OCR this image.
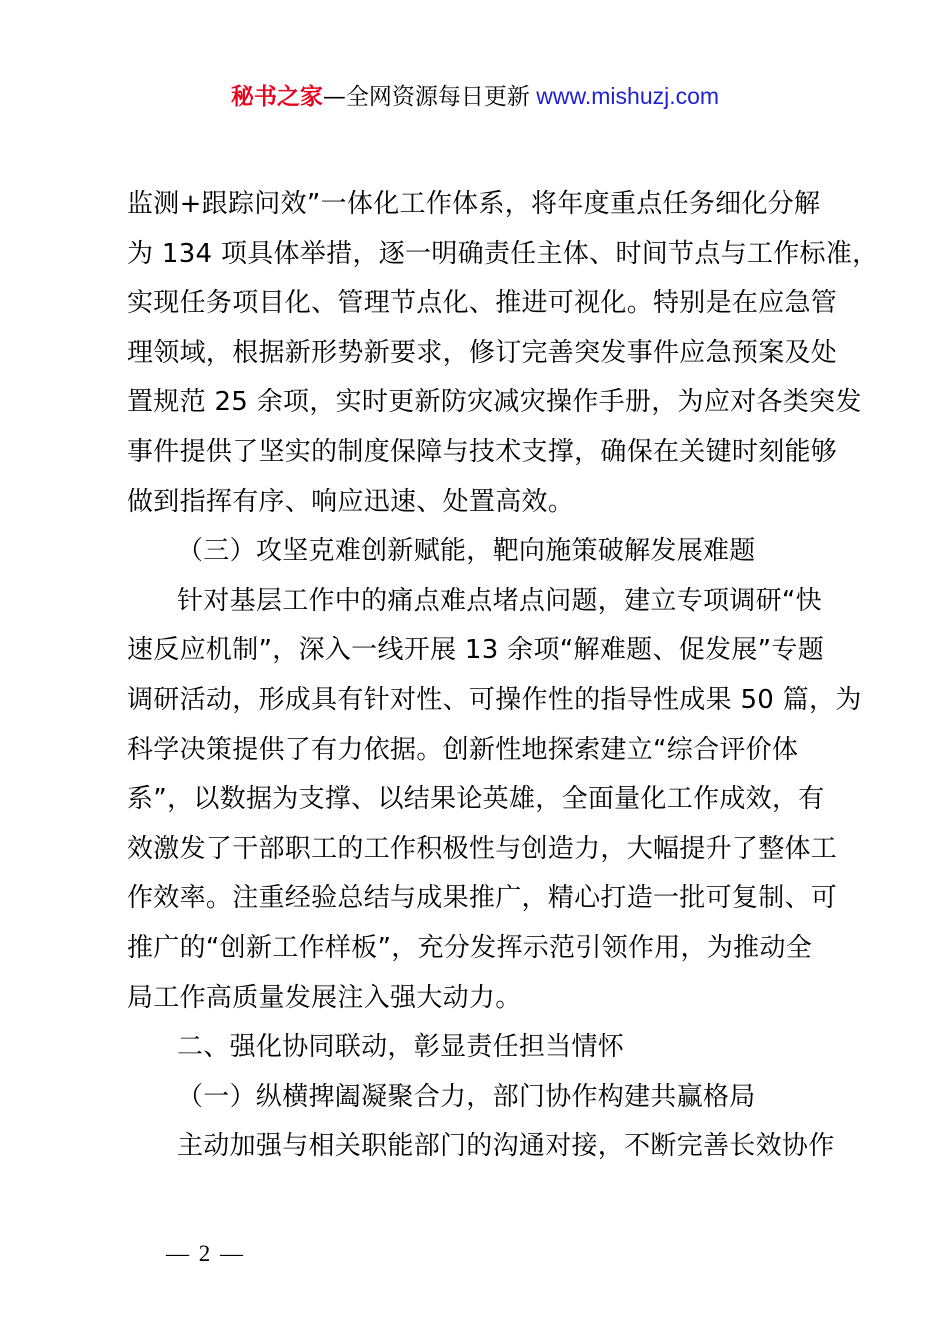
秘书之家—全网资源每日更新 www.mishuzj.com
监测+跟踪问效”一体化工作体系，将年度重点任务细化分解
为 134 项具体举措，逐一明确责任主体、时间节点与工作标准，
实现任务项目化、管理节点化、推进可视化。特别是在应急管
理领域，根据新形势新要求，修订完善突发事件应急预案及处
置规范 25 余项，实时更新防灾减灾操作手册，为应对各类突发
事件提供了坚实的制度保障与技术支撑，确保在关键时刻能够
做到指挥有序、响应迅速、处置高效。
（三）攻坚克难创新赋能，靶向施策破解发展难题
针对基层工作中的痛点难点堵点问题，建立专项调研“快
速反应机制”，深入一线开展 13 余项“解难题、促发展”专题
调研活动，形成具有针对性、可操作性的指导性成果 50 篇，为
科学决策提供了有力依据。创新性地探索建立“综合评价体
系”，以数据为支撑、以结果论英雄，全面量化工作成效，有
效激发了干部职工的工作积极性与创造力，大幅提升了整体工
作效率。注重经验总结与成果推广，精心打造一批可复制、可
推广的“创新工作样板”，充分发挥示范引领作用，为推动全
局工作高质量发展注入强大动力。
二、强化协同联动，彰显责任担当情怀
（一）纵横捭阖凝聚合力，部门协作构建共赢格局
主动加强与相关职能部门的沟通对接，不断完善长效协作
— 2 —
